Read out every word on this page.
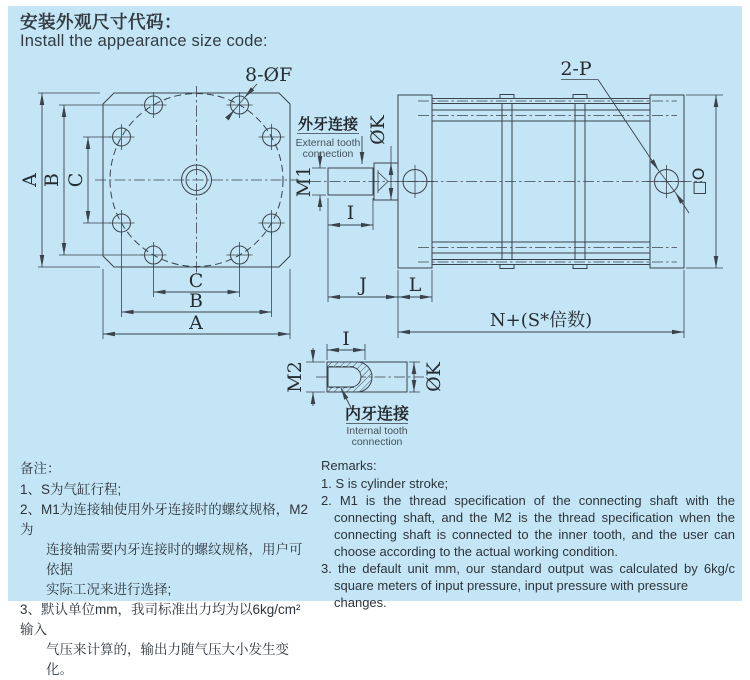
安装外观尺寸代码：
Install the appearance size code:
A B C
C
B
A
8-ØF	2-P
M1
ØK
I
外牙连接
External tooth
connection
J L
N+(S*倍数)
□O
I
M2	ØK
内牙连接
Internal tooth
connection
备注：
1、S为气缸行程;
2、M1为连接轴使用外牙连接时的螺纹规格，M2为
连接轴需要内牙连接时的螺纹规格，用户可依据
实际工况来进行选择;
3、默认单位mm，我司标准出力均为以6kg/cm²输入
气压来计算的，输出力随气压大小发生变化。
Remarks:
1. S is cylinder stroke;
2. M1 is the thread specification of the connecting shaft with the
connecting shaft, and the M2 is the thread specification when the
connecting shaft is connected to the inner tooth, and the user can
choose according to the actual working condition.
3. the default unit mm, our standard output was calculated by 6kg/c
square meters of input pressure, input pressure with pressure changes.
